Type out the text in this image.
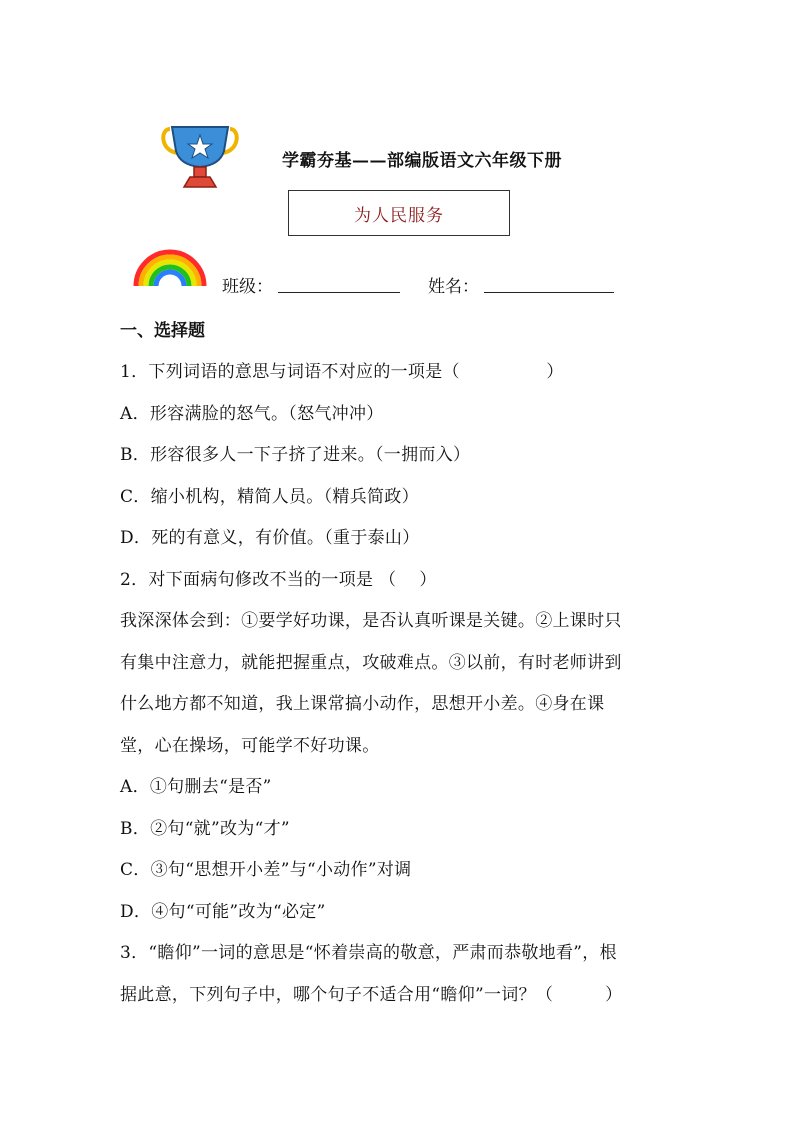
学霸夯基——部编版语文六年级下册
为人民服务
班级：	姓名：
一、选择题
1．下列词语的意思与词语不对应的一项是（　　　　　）
A．形容满脸的怒气。（怒气冲冲）
B．形容很多人一下子挤了进来。（一拥而入）
C．缩小机构，精简人员。（精兵简政）
D．死的有意义，有价值。（重于泰山）
2．对下面病句修改不当的一项是 （　 ）
我深深体会到：①要学好功课，是否认真听课是关键。②上课时只
有集中注意力，就能把握重点，攻破难点。③以前，有时老师讲到
什么地方都不知道，我上课常搞小动作，思想开小差。④身在课
堂，心在操场，可能学不好功课。
A．①句删去“是否”
B．②句“就”改为“才”
C．③句“思想开小差”与“小动作”对调
D．④句“可能”改为“必定”
3．“瞻仰”一词的意思是“怀着崇高的敬意，严肃而恭敬地看”，根
据此意，下列句子中，哪个句子不适合用“瞻仰”一词？（　　　）
